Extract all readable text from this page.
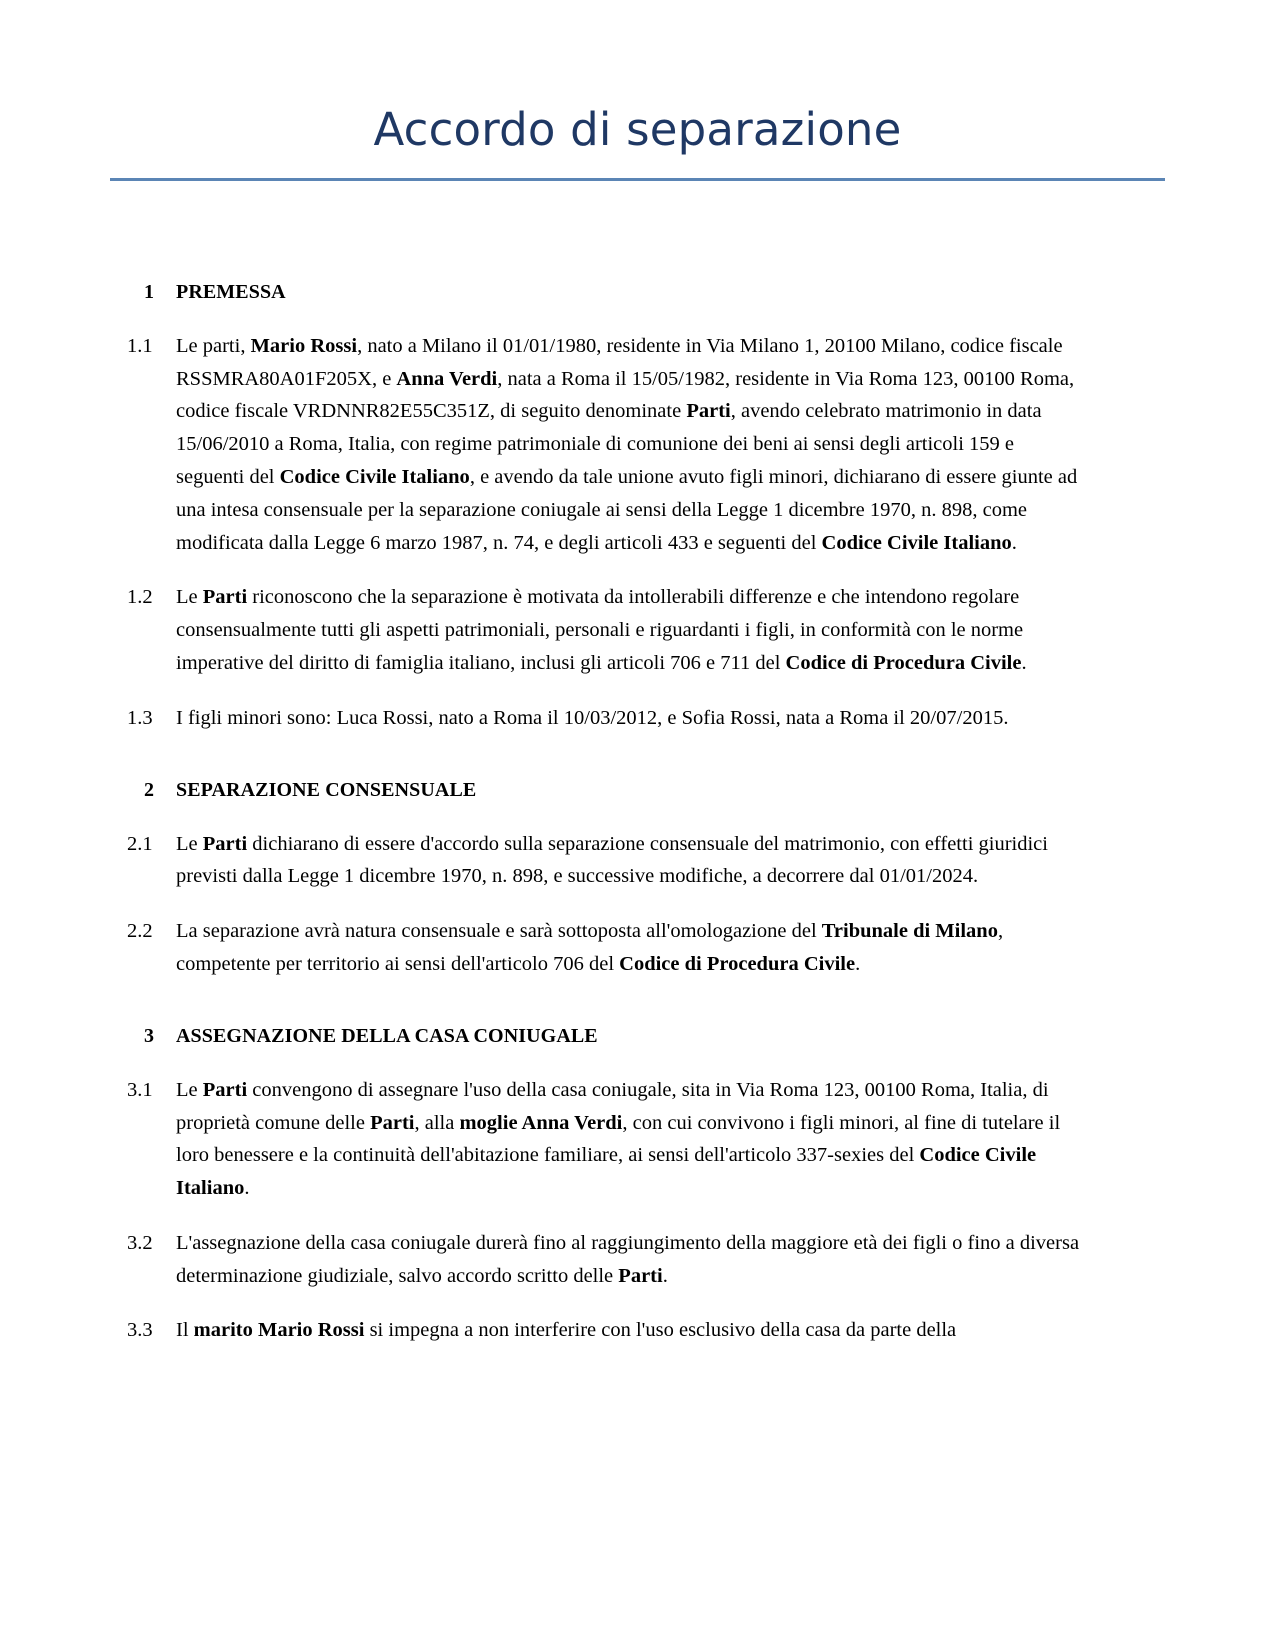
Accordo di separazione
1	PREMESSA
1.1	Le parti, Mario Rossi, nato a Milano il 01/01/1980, residente in Via Milano 1, 20100 Milano, codice fiscale RSSMRA80A01F205X, e Anna Verdi, nata a Roma il 15/05/1982, residente in Via Roma 123, 00100 Roma, codice fiscale VRDNNR82E55C351Z, di seguito denominate Parti, avendo celebrato matrimonio in data 15/06/2010 a Roma, Italia, con regime patrimoniale di comunione dei beni ai sensi degli articoli 159 e seguenti del Codice Civile Italiano, e avendo da tale unione avuto figli minori, dichiarano di essere giunte ad una intesa consensuale per la separazione coniugale ai sensi della Legge 1 dicembre 1970, n. 898, come modificata dalla Legge 6 marzo 1987, n. 74, e degli articoli 433 e seguenti del Codice Civile Italiano.
1.2	Le Parti riconoscono che la separazione è motivata da intollerabili differenze e che intendono regolare consensualmente tutti gli aspetti patrimoniali, personali e riguardanti i figli, in conformità con le norme imperative del diritto di famiglia italiano, inclusi gli articoli 706 e 711 del Codice di Procedura Civile.
1.3	I figli minori sono: Luca Rossi, nato a Roma il 10/03/2012, e Sofia Rossi, nata a Roma il 20/07/2015.
2	SEPARAZIONE CONSENSUALE
2.1	Le Parti dichiarano di essere d'accordo sulla separazione consensuale del matrimonio, con effetti giuridici previsti dalla Legge 1 dicembre 1970, n. 898, e successive modifiche, a decorrere dal 01/01/2024.
2.2	La separazione avrà natura consensuale e sarà sottoposta all'omologazione del Tribunale di Milano, competente per territorio ai sensi dell'articolo 706 del Codice di Procedura Civile.
3	ASSEGNAZIONE DELLA CASA CONIUGALE
3.1	Le Parti convengono di assegnare l'uso della casa coniugale, sita in Via Roma 123, 00100 Roma, Italia, di proprietà comune delle Parti, alla moglie Anna Verdi, con cui convivono i figli minori, al fine di tutelare il loro benessere e la continuità dell'abitazione familiare, ai sensi dell'articolo 337-sexies del Codice Civile Italiano.
3.2	L'assegnazione della casa coniugale durerà fino al raggiungimento della maggiore età dei figli o fino a diversa determinazione giudiziale, salvo accordo scritto delle Parti.
3.3	Il marito Mario Rossi si impegna a non interferire con l'uso esclusivo della casa da parte della
